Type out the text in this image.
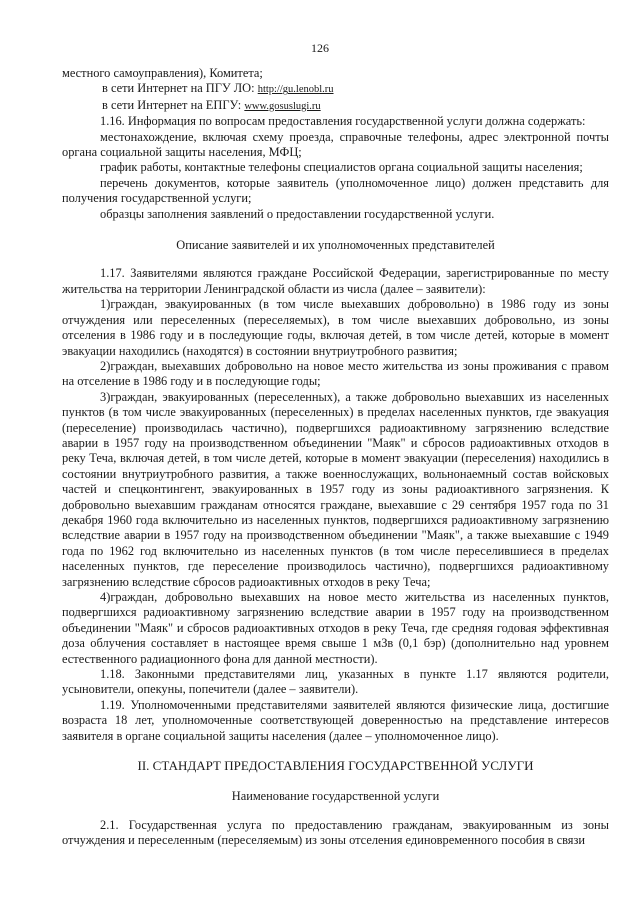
126

местного самоуправления), Комитета;

в сети Интернет на ПГУ ЛО: http://gu.lenobl.ru

в сети Интернет на ЕПГУ: www.gosuslugi.ru

1.16. Информация по вопросам предоставления государственной услуги должна содержать:

местонахождение, включая схему проезда, справочные телефоны, адрес электронной почты органа социальной защиты населения, МФЦ;

график работы, контактные телефоны специалистов органа социальной защиты населения;

перечень документов, которые заявитель (уполномоченное лицо) должен представить для получения государственной услуги;

образцы заполнения заявлений о предоставлении государственной услуги.

Описание заявителей и их уполномоченных представителей

1.17. Заявителями являются граждане Российской Федерации, зарегистрированные по месту жительства на территории Ленинградской области из числа (далее – заявители):

1)граждан, эвакуированных (в том числе выехавших добровольно) в 1986 году из зоны отчуждения или переселенных (переселяемых), в том числе выехавших добровольно, из зоны отселения в 1986 году и в последующие годы, включая детей, в том числе детей, которые в момент эвакуации находились (находятся) в состоянии внутриутробного развития;

2)граждан, выехавших добровольно на новое место жительства из зоны проживания с правом на отселение в 1986 году и в последующие годы;

3)граждан, эвакуированных (переселенных), а также добровольно выехавших из населенных пунктов (в том числе эвакуированных (переселенных) в пределах населенных пунктов, где эвакуация (переселение) производилась частично), подвергшихся радиоактивному загрязнению вследствие аварии в 1957 году на производственном объединении "Маяк" и сбросов радиоактивных отходов в реку Теча, включая детей, в том числе детей, которые в момент эвакуации (переселения) находились в состоянии внутриутробного развития, а также военнослужащих, вольнонаемный состав войсковых частей и спецконтингент, эвакуированных в 1957 году из зоны радиоактивного загрязнения. К добровольно выехавшим гражданам относятся граждане, выехавшие с 29 сентября 1957 года по 31 декабря 1960 года включительно из населенных пунктов, подвергшихся радиоактивному загрязнению вследствие аварии в 1957 году на производственном объединении "Маяк", а также выехавшие с 1949 года по 1962 год включительно из населенных пунктов (в том числе переселившиеся в пределах населенных пунктов, где переселение производилось частично), подвергшихся радиоактивному загрязнению вследствие сбросов радиоактивных отходов в реку Теча;

4)граждан, добровольно выехавших на новое место жительства из населенных пунктов, подвергшихся радиоактивному загрязнению вследствие аварии в 1957 году на производственном объединении "Маяк" и сбросов радиоактивных отходов в реку Теча, где средняя годовая эффективная доза облучения составляет в настоящее время свыше 1 мЗв (0,1 бэр) (дополнительно над уровнем естественного радиационного фона для данной местности).

1.18. Законными представителями лиц, указанных в пункте 1.17 являются родители, усыновители, опекуны, попечители (далее – заявители).

1.19. Уполномоченными представителями заявителей являются физические лица, достигшие возраста 18 лет, уполномоченные соответствующей доверенностью на представление интересов заявителя в органе социальной защиты населения (далее – уполномоченное лицо).

II. СТАНДАРТ ПРЕДОСТАВЛЕНИЯ ГОСУДАРСТВЕННОЙ УСЛУГИ

Наименование государственной услуги

2.1. Государственная услуга по предоставлению гражданам, эвакуированным из зоны отчуждения и переселенным (переселяемым) из зоны отселения единовременного пособия в связи
